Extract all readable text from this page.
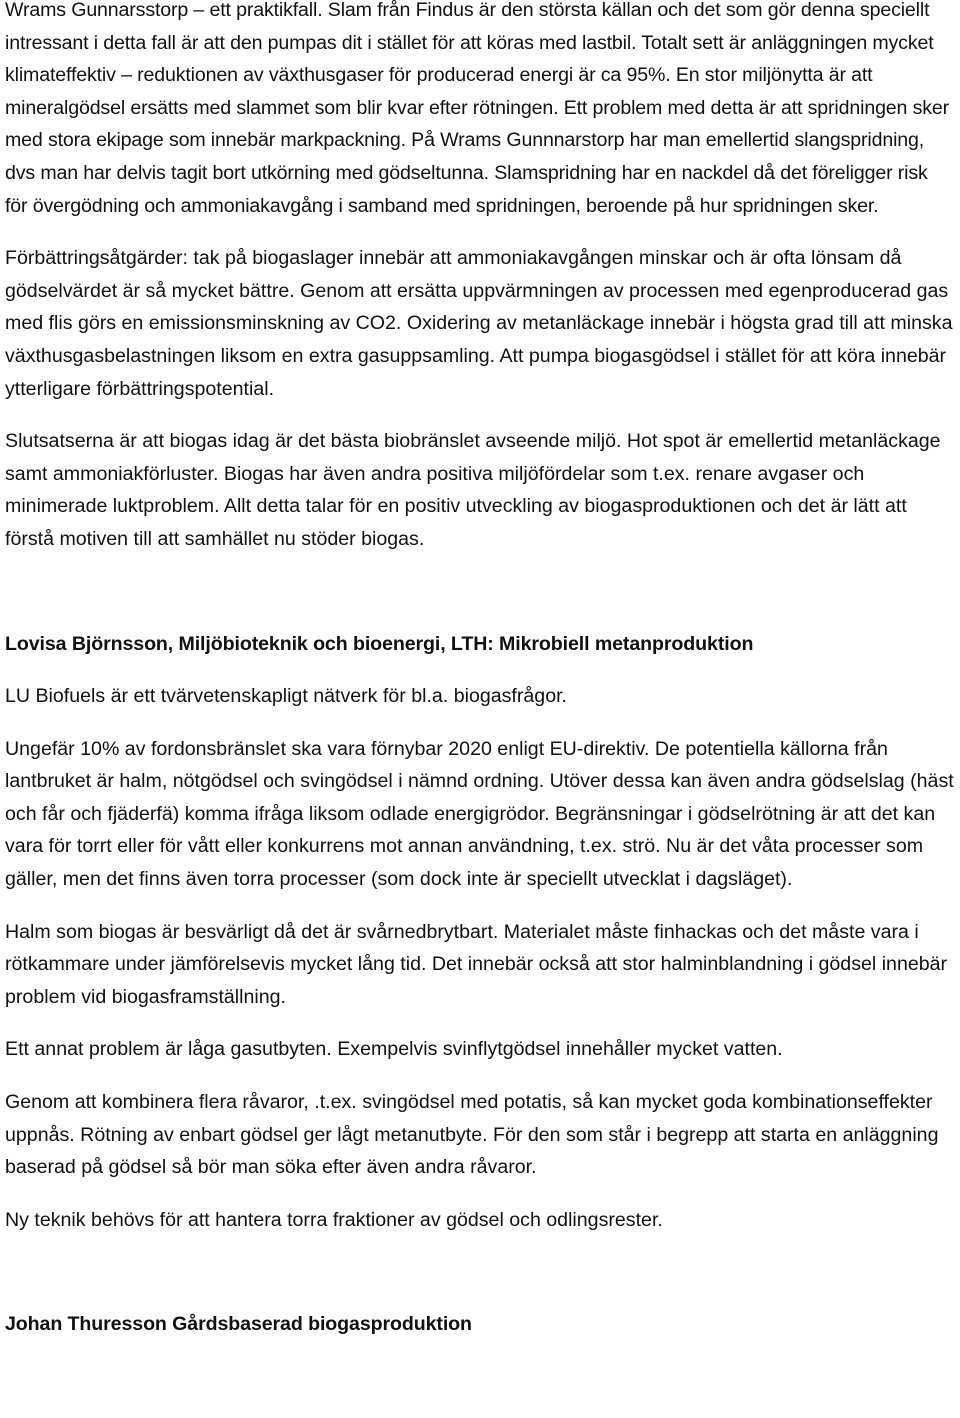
Wrams Gunnarsstorp – ett praktikfall. Slam från Findus är den största källan och det som gör denna speciellt intressant i detta fall är att den pumpas dit i stället för att köras med lastbil. Totalt sett är anläggningen mycket klimateffektiv – reduktionen av växthusgaser för producerad energi är ca 95%. En stor miljönytta är att mineralgödsel ersätts med slammet som blir kvar efter rötningen. Ett problem med detta är att spridningen sker med stora ekipage som innebär markpackning. På Wrams Gunnnarstorp har man emellertid slangspridning, dvs man har delvis tagit bort utkörning med gödseltunna. Slamspridning har en nackdel då det föreligger risk för övergödning och ammoniakavgång i samband med spridningen, beroende på hur spridningen sker.

Förbättringsåtgärder: tak på biogaslager innebär att ammoniakavgången minskar och är ofta lönsam då gödselvärdet är så mycket bättre. Genom att ersätta uppvärmningen av processen med egenproducerad gas med flis görs en emissionsminskning av CO2. Oxidering av metanläckage innebär i högsta grad till att minska växthusgasbelastningen liksom en extra gasuppsamling. Att pumpa biogasgödsel i stället för att köra innebär ytterligare förbättringspotential.

Slutsatserna är att biogas idag är det bästa biobränslet avseende miljö. Hot spot är emellertid metanläckage samt ammoniakförluster. Biogas har även andra positiva miljöfördelar som t.ex. renare avgaser och minimerade luktproblem. Allt detta talar för en positiv utveckling av biogasproduktionen och det är lätt att förstå motiven till att samhället nu stöder biogas.

Lovisa Björnsson, Miljöbioteknik och bioenergi, LTH: Mikrobiell metanproduktion

LU Biofuels är ett tvärvetenskapligt nätverk för bl.a. biogasfrågor.

Ungefär 10% av fordonsbränslet ska vara förnybar 2020 enligt EU-direktiv. De potentiella källorna från lantbruket är halm, nötgödsel och svingödsel i nämnd ordning. Utöver dessa kan även andra gödselslag (häst och får och fjäderfä) komma ifråga liksom odlade energigrödor. Begränsningar i gödselrötning är att det kan vara för torrt eller för vått eller konkurrens mot annan användning, t.ex. strö. Nu är det våta processer som gäller, men det finns även torra processer (som dock inte är speciellt utvecklat i dagsläget).

Halm som biogas är besvärligt då det är svårnedbrytbart. Materialet måste finhackas och det måste vara i rötkammare under jämförelsevis mycket lång tid. Det innebär också att stor halminblandning i gödsel innebär problem vid biogasframställning.

Ett annat problem är låga gasutbyten. Exempelvis svinflytgödsel innehåller mycket vatten.

Genom att kombinera flera råvaror, .t.ex. svingödsel med potatis, så kan mycket goda kombinationseffekter uppnås. Rötning av enbart gödsel ger lågt metanutbyte. För den som står i begrepp att starta en anläggning baserad på gödsel så bör man söka efter även andra råvaror.

Ny teknik behövs för att hantera torra fraktioner av gödsel och odlingsrester.

Johan Thuresson Gårdsbaserad biogasproduktion
